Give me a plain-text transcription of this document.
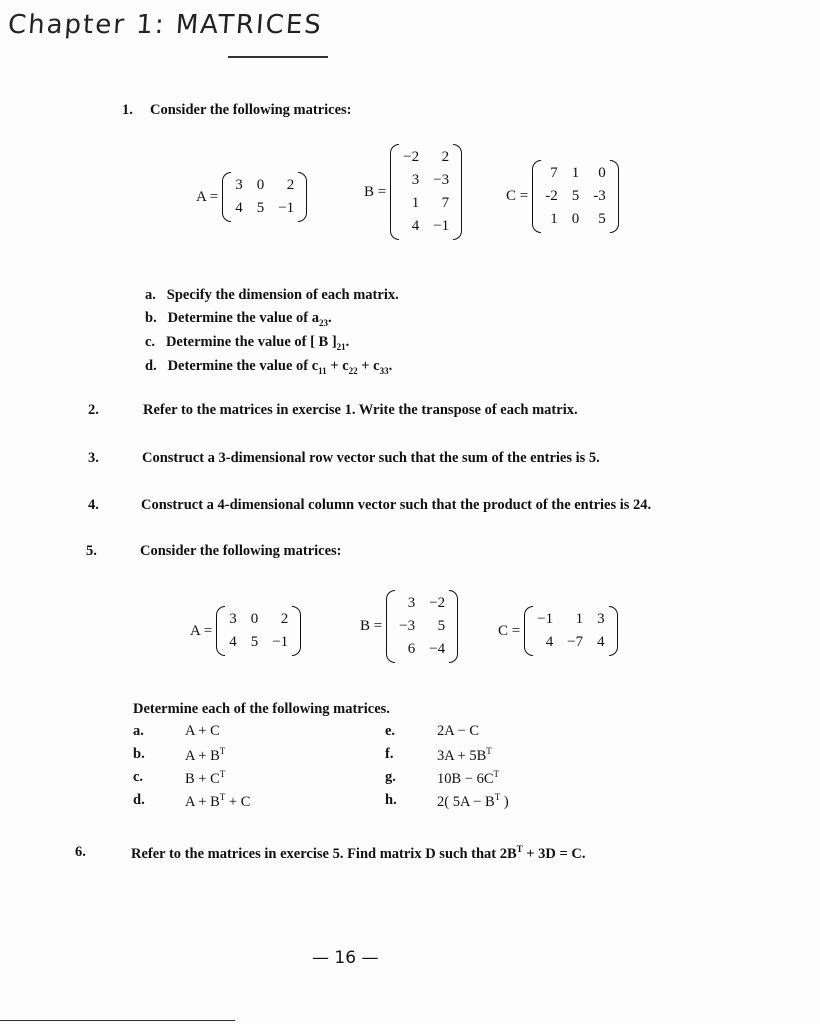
Chapter 1: MATRICES
1. Consider the following matrices:
A =
3	0	2
4	5	−1
B =
−2	2
3	−3
1	7
4	−1
C =
7	1	0
-2	5	-3
1	0	5
a. Specify the dimension of each matrix.
b. Determine the value of $a_{23}$.
c. Determine the value of [ B ]$_{21}$.
d. Determine the value of $c_{11} + c_{22} + c_{33}$.
2.	Refer to the matrices in exercise 1. Write the transpose of each matrix.
3.	Construct a 3-dimensional row vector such that the sum of the entries is 5.
4.	Construct a 4-dimensional column vector such that the product of the entries is 24.
5.	Consider the following matrices:
A =
3	0	2
4	5	−1
B =
3	−2
−3	5
6	−4
C =
−1	1	3
4	−7	4
Determine each of the following matrices.
a.	A + C
b.	$A + B^T$
c.	$B + C^T$
d.	$A + B^T + C$
e.	2A − C
f.	$3A + 5B^T$
g.	$10B - 6C^T$
h.	2( $5A - B^T$ )
6.	Refer to the matrices in exercise 5. Find matrix D such that $2B^T + 3D = C$.
— 16 —
